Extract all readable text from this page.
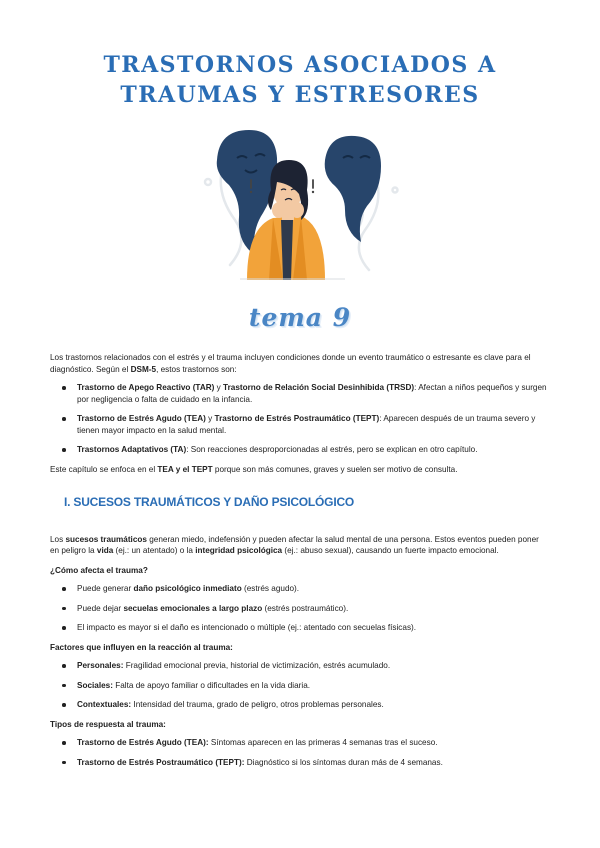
TRASTORNOS ASOCIADOS A
TRAUMAS Y ESTRESORES
tema 9

Los trastornos relacionados con el estrés y el trauma incluyen condiciones donde un evento traumático o estresante es clave para el diagnóstico. Según el DSM-5, estos trastornos son:

Trastorno de Apego Reactivo (TAR) y Trastorno de Relación Social Desinhibida (TRSD): Afectan a niños pequeños y surgen por negligencia o falta de cuidado en la infancia.
Trastorno de Estrés Agudo (TEA) y Trastorno de Estrés Postraumático (TEPT): Aparecen después de un trauma severo y tienen mayor impacto en la salud mental.
Trastornos Adaptativos (TA): Son reacciones desproporcionadas al estrés, pero se explican en otro capítulo.

Este capítulo se enfoca en el TEA y el TEPT porque son más comunes, graves y suelen ser motivo de consulta.

I. SUCESOS TRAUMÁTICOS Y DAÑO PSICOLÓGICO

Los sucesos traumáticos generan miedo, indefensión y pueden afectar la salud mental de una persona. Estos eventos pueden poner en peligro la vida (ej.: un atentado) o la integridad psicológica (ej.: abuso sexual), causando un fuerte impacto emocional.

¿Cómo afecta el trauma?

Puede generar daño psicológico inmediato (estrés agudo).
Puede dejar secuelas emocionales a largo plazo (estrés postraumático).
El impacto es mayor si el daño es intencionado o múltiple (ej.: atentado con secuelas físicas).

Factores que influyen en la reacción al trauma:

Personales: Fragilidad emocional previa, historial de victimización, estrés acumulado.
Sociales: Falta de apoyo familiar o dificultades en la vida diaria.
Contextuales: Intensidad del trauma, grado de peligro, otros problemas personales.

Tipos de respuesta al trauma:

Trastorno de Estrés Agudo (TEA): Síntomas aparecen en las primeras 4 semanas tras el suceso.
Trastorno de Estrés Postraumático (TEPT): Diagnóstico si los síntomas duran más de 4 semanas.
